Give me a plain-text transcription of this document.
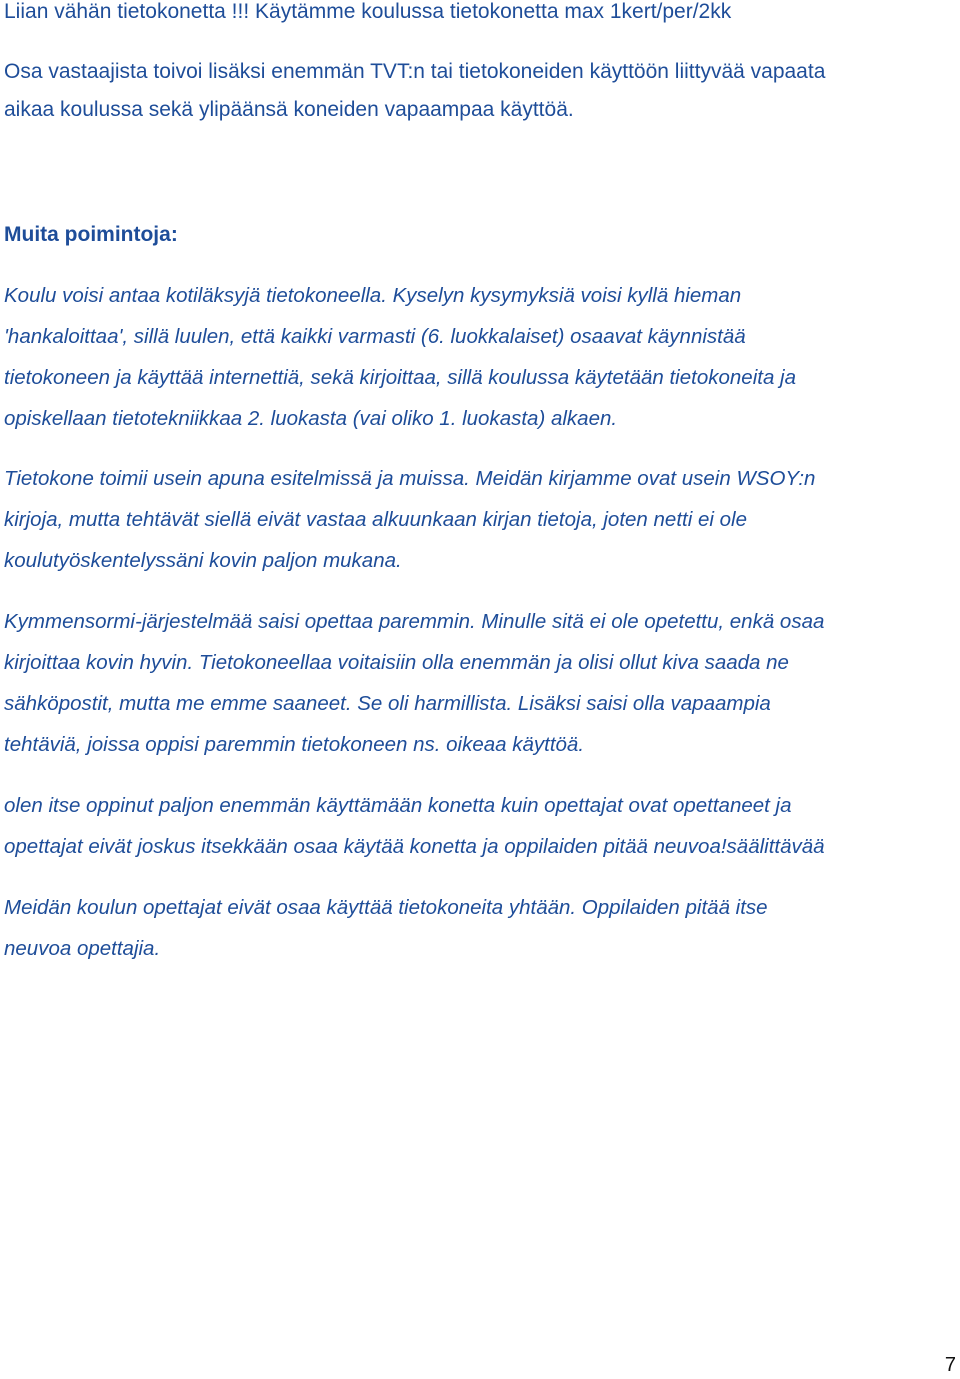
Liian vähän tietokonetta !!! Käytämme koulussa tietokonetta max 1kert/per/2kk

Osa vastaajista toivoi lisäksi enemmän TVT:n tai tietokoneiden käyttöön liittyvää vapaata

aikaa koulussa sekä ylipäänsä koneiden vapaampaa käyttöä.

Muita poimintoja:

Koulu voisi antaa kotiläksyjä tietokoneella. Kyselyn kysymyksiä voisi kyllä hieman

'hankaloittaa', sillä luulen, että kaikki varmasti (6. luokkalaiset) osaavat käynnistää

tietokoneen ja käyttää internettiä, sekä kirjoittaa, sillä koulussa käytetään tietokoneita ja

opiskellaan tietotekniikkaa 2. luokasta (vai oliko 1. luokasta) alkaen.

Tietokone toimii usein apuna esitelmissä ja muissa. Meidän kirjamme ovat usein WSOY:n

kirjoja, mutta tehtävät siellä eivät vastaa alkuunkaan kirjan tietoja, joten netti ei ole

koulutyöskentelyssäni kovin paljon mukana.

Kymmensormi-järjestelmää saisi opettaa paremmin. Minulle sitä ei ole opetettu, enkä osaa

kirjoittaa kovin hyvin. Tietokoneellaa voitaisiin olla enemmän ja olisi ollut kiva saada ne

sähköpostit, mutta me emme saaneet. Se oli harmillista. Lisäksi saisi olla vapaampia

tehtäviä, joissa oppisi paremmin tietokoneen ns. oikeaa käyttöä.

olen itse oppinut paljon enemmän käyttämään konetta kuin opettajat ovat opettaneet ja

opettajat eivät joskus itsekkään osaa käytää konetta ja oppilaiden pitää neuvoa!säälittävää

Meidän koulun opettajat eivät osaa käyttää tietokoneita yhtään. Oppilaiden pitää itse

neuvoa opettajia.

7
